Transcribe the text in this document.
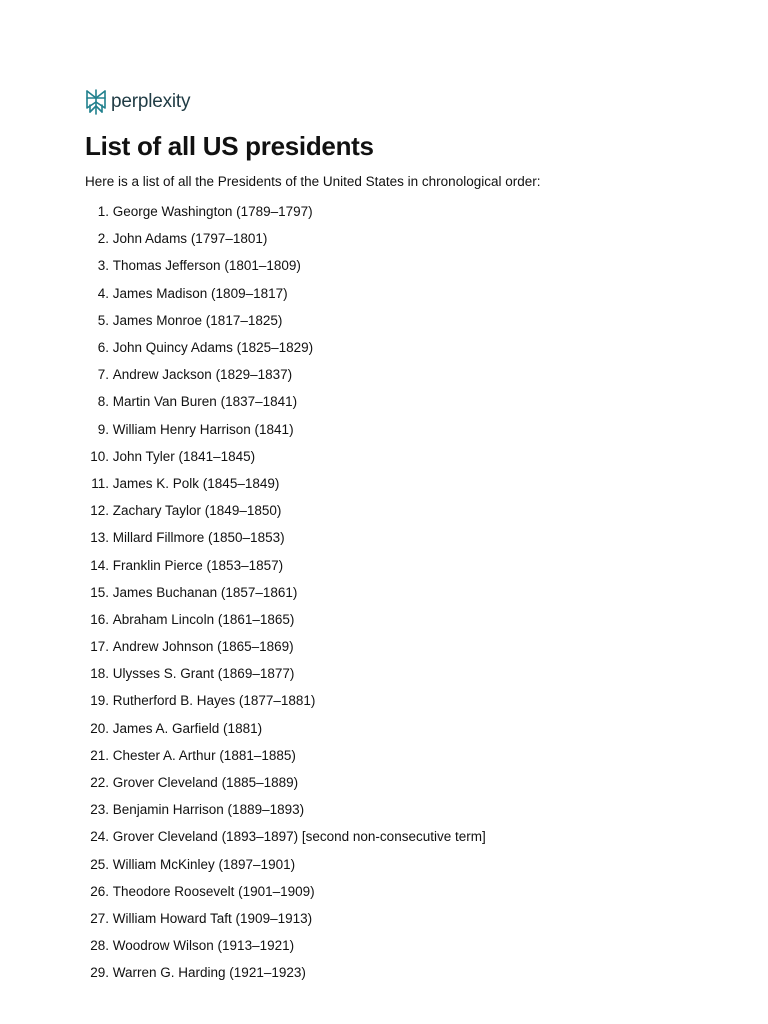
perplexity
List of all US presidents

Here is a list of all the Presidents of the United States in chronological order:

1.
George Washington (1789–1797)
2.
John Adams (1797–1801)
3.
Thomas Jefferson (1801–1809)
4.
James Madison (1809–1817)
5.
James Monroe (1817–1825)
6.
John Quincy Adams (1825–1829)
7.
Andrew Jackson (1829–1837)
8.
Martin Van Buren (1837–1841)
9.
William Henry Harrison (1841)
10.
John Tyler (1841–1845)
11.
James K. Polk (1845–1849)
12.
Zachary Taylor (1849–1850)
13.
Millard Fillmore (1850–1853)
14.
Franklin Pierce (1853–1857)
15.
James Buchanan (1857–1861)
16.
Abraham Lincoln (1861–1865)
17.
Andrew Johnson (1865–1869)
18.
Ulysses S. Grant (1869–1877)
19.
Rutherford B. Hayes (1877–1881)
20.
James A. Garfield (1881)
21.
Chester A. Arthur (1881–1885)
22.
Grover Cleveland (1885–1889)
23.
Benjamin Harrison (1889–1893)
24.
Grover Cleveland (1893–1897) [second non-consecutive term]
25.
William McKinley (1897–1901)
26.
Theodore Roosevelt (1901–1909)
27.
William Howard Taft (1909–1913)
28.
Woodrow Wilson (1913–1921)
29.
Warren G. Harding (1921–1923)
